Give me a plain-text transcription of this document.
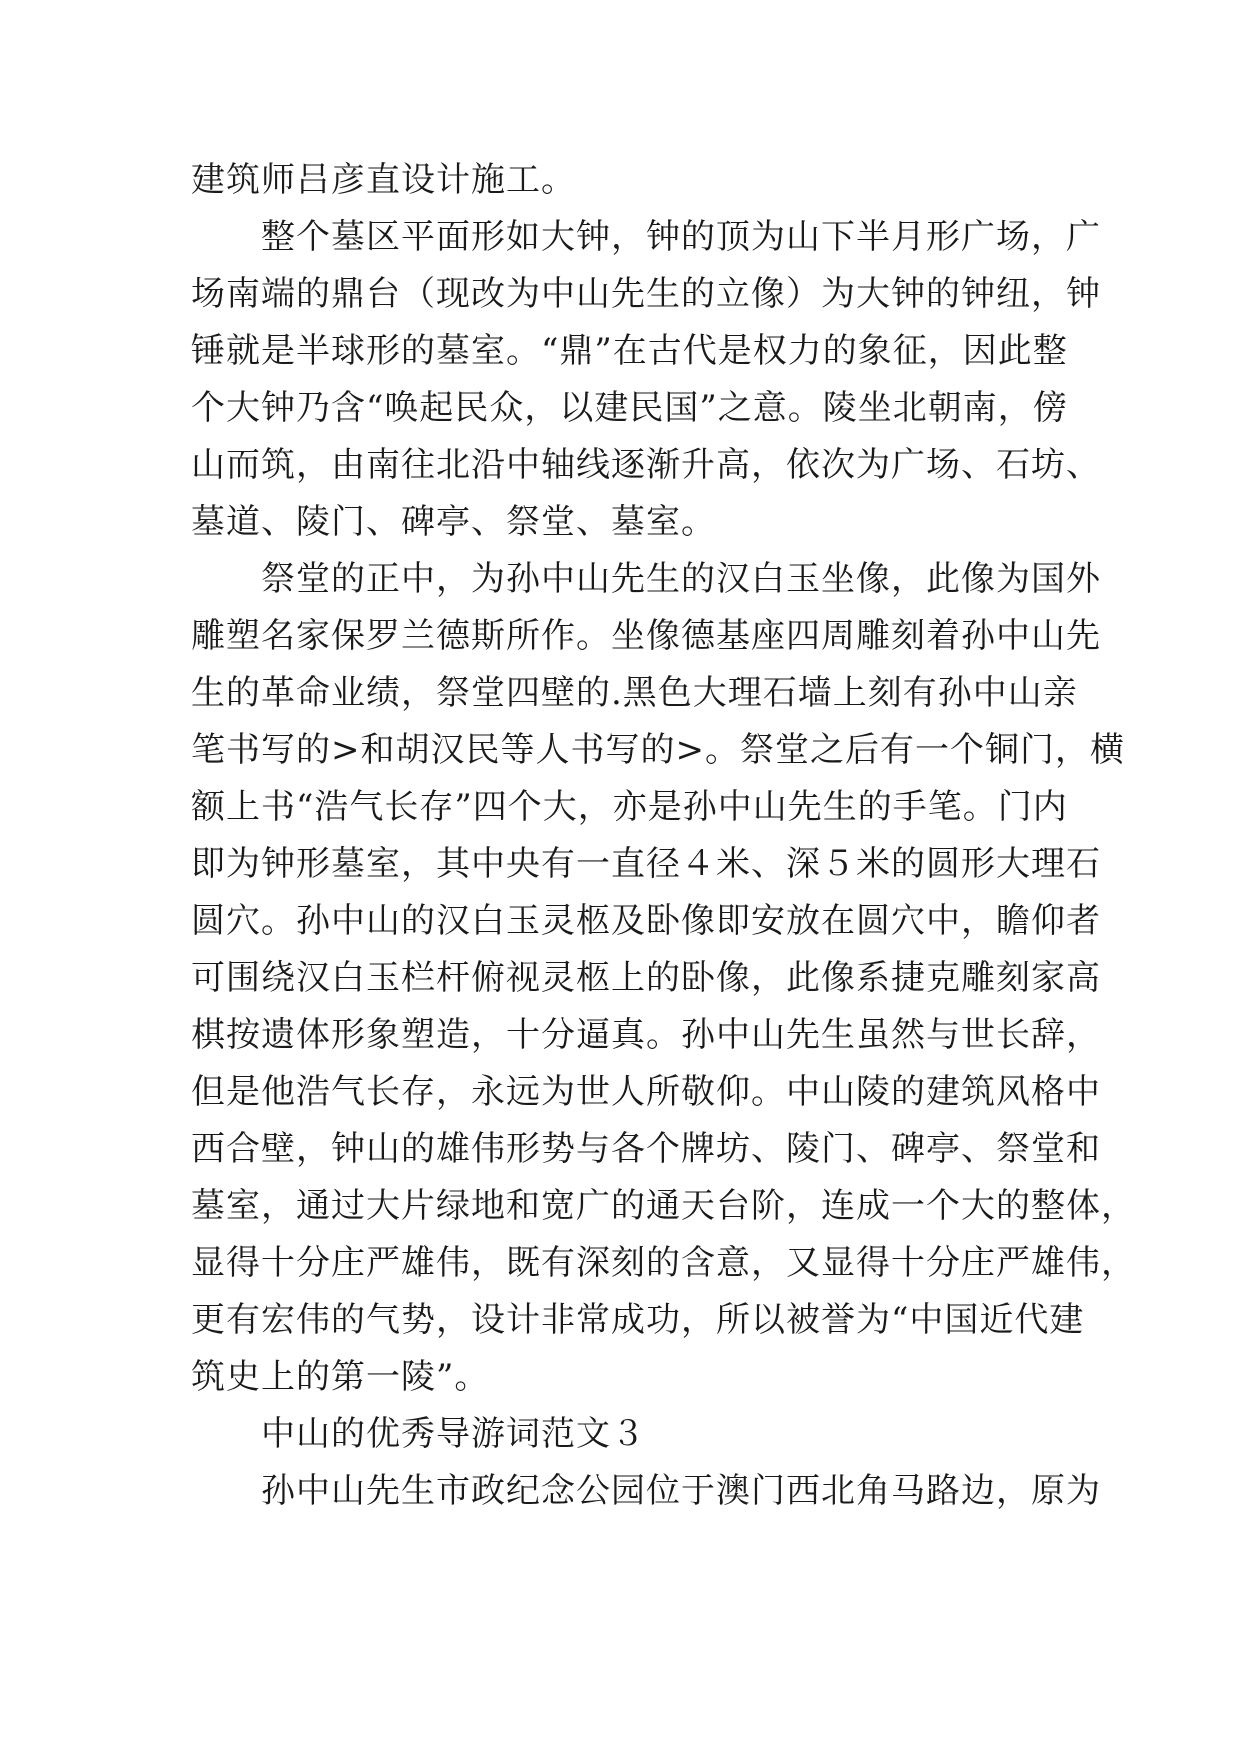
建筑师吕彦直设计施工。
　　整个墓区平面形如大钟，钟的顶为山下半月形广场，广
场南端的鼎台（现改为中山先生的立像）为大钟的钟纽，钟
锤就是半球形的墓室。“鼎”在古代是权力的象征，因此整
个大钟乃含“唤起民众，以建民国”之意。陵坐北朝南，傍
山而筑，由南往北沿中轴线逐渐升高，依次为广场、石坊、
墓道、陵门、碑亭、祭堂、墓室。
　　祭堂的正中，为孙中山先生的汉白玉坐像，此像为国外
雕塑名家保罗兰德斯所作。坐像德基座四周雕刻着孙中山先
生的革命业绩，祭堂四壁的.黑色大理石墙上刻有孙中山亲
笔书写的>和胡汉民等人书写的>。祭堂之后有一个铜门，横
额上书“浩气长存”四个大，亦是孙中山先生的手笔。门内
即为钟形墓室，其中央有一直径４米、深５米的圆形大理石
圆穴。孙中山的汉白玉灵柩及卧像即安放在圆穴中，瞻仰者
可围绕汉白玉栏杆俯视灵柩上的卧像，此像系捷克雕刻家高
棋按遗体形象塑造，十分逼真。孙中山先生虽然与世长辞，
但是他浩气长存，永远为世人所敬仰。中山陵的建筑风格中
西合壁，钟山的雄伟形势与各个牌坊、陵门、碑亭、祭堂和
墓室，通过大片绿地和宽广的通天台阶，连成一个大的整体，
显得十分庄严雄伟，既有深刻的含意，又显得十分庄严雄伟，
更有宏伟的气势，设计非常成功，所以被誉为“中国近代建
筑史上的第一陵”。
　　中山的优秀导游词范文３
　　孙中山先生市政纪念公园位于澳门西北角马路边，原为
